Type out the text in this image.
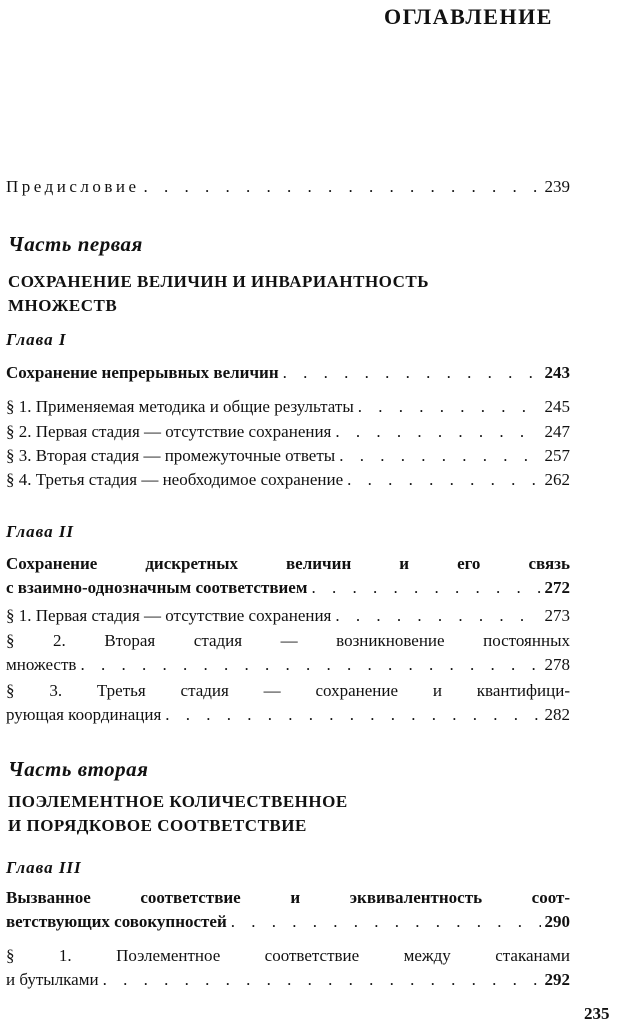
ОГЛАВЛЕНИЕ
Предисловие . . .	239
Часть первая
СОХРАНЕНИЕ ВЕЛИЧИН И ИНВАРИАНТНОСТЬ
МНОЖЕСТВ
Глава I
Сохранение непрерывных величин . . .	243
§ 1. Применяемая методика и общие результаты . . .	245
§ 2. Первая стадия — отсутствие сохранения . . .	247
§ 3. Вторая стадия — промежуточные ответы . . .	257
§ 4. Третья стадия — необходимое сохранение . . .	262
Глава II
Сохранение дискретных величин и его связь
с взаимно-однозначным соответствием . . .	272
§ 1. Первая стадия — отсутствие сохранения . . .	273
§ 2. Вторая стадия — возникновение постоянных
множеств . . .	278
§ 3. Третья стадия — сохранение и квантифици-
рующая координация . . .	282
Часть вторая
ПОЭЛЕМЕНТНОЕ КОЛИЧЕСТВЕННОЕ
И ПОРЯДКОВОЕ СООТВЕТСТВИЕ
Глава III
Вызванное соответствие и эквивалентность соот-
ветствующих совокупностей . . .	290
§ 1. Поэлементное соответствие между стаканами
и бутылками . . .	292
235
